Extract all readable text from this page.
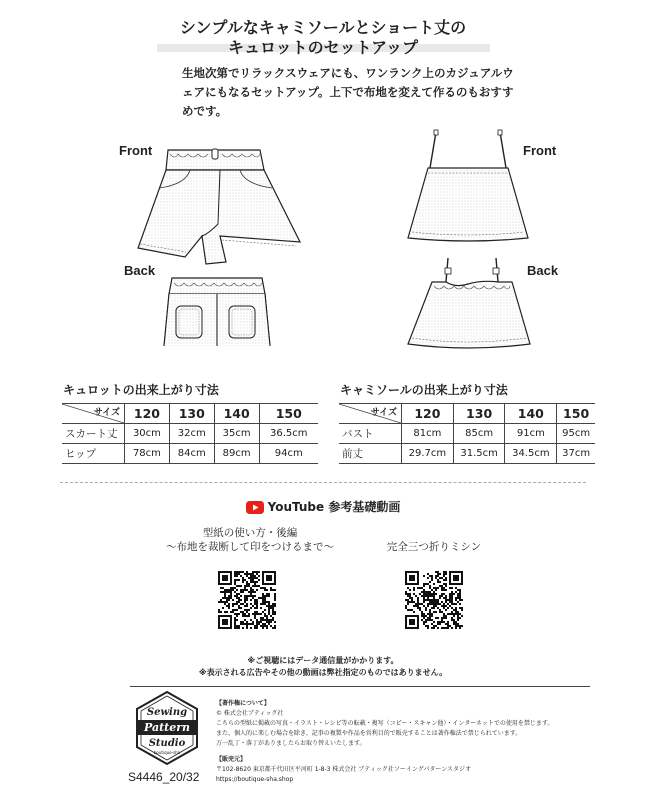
シンプルなキャミソールとショート丈の
キュロットのセットアップ
生地次第でリラックスウェアにも、ワンランク上のカジュアルウ
ェアにもなるセットアップ。上下で布地を変えて作るのもおすす
めです。
Front
Back
Front
Back
キュロットの出来上がり寸法
サイズ	120	130	140	150
スカート丈	30cm	32cm	35cm	36.5cm
ヒップ	78cm	84cm	89cm	94cm
キャミソールの出来上がり寸法
サイズ	120	130	140	150
バスト	81cm	85cm	91cm	95cm
前丈	29.7cm	31.5cm	34.5cm	37cm
YouTube 参考基礎動画
型紙の使い方・後編
〜布地を裁断して印をつけるまで〜	完全三つ折りミシン
※ご視聴にはデータ通信量がかかります。
※表示される広告やその他の動画は弊社指定のものではありません。
Sewing
Pattern
Studio
boutique-sha
【著作権について】
© 株式会社ブティック社
こちらの型紙に掲載の写真・イラスト・レシピ等の転載・複写（コピー・スキャン他）・インターネットでの使用を禁じます。
また、個人的に楽しむ場合を除き、記事の複製や作品を営利目的で販売することは著作権法で禁じられています。
万一乱丁・落丁がありましたらお取り替えいたします。
【販売元】
〒102-8620 東京都千代田区平河町 1-8-3 株式会社 ブティック社ソーイングパターンスタジオ
https://boutique-sha.shop
S4446_20/32
